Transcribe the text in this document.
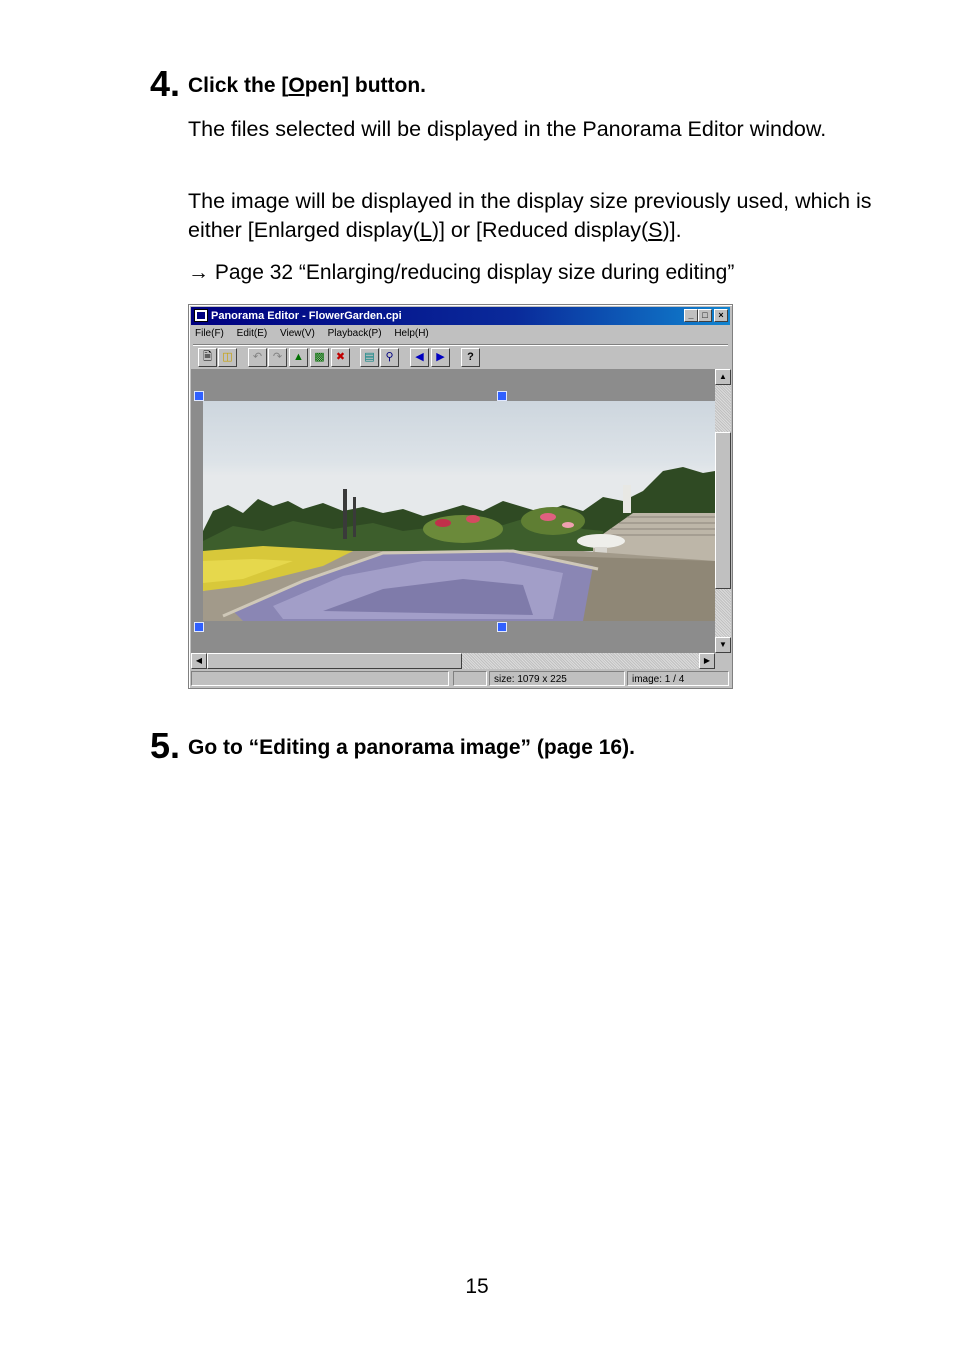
4. Click the [Open] button.
The files selected will be displayed in the Panorama Editor window.
The image will be displayed in the display size previously used, which is either [Enlarged display(L)] or [Reduced display(S)].
→ Page 32 “Enlarging/reducing display size during editing”
Panorama Editor - FlowerGarden.cpi	_ □	×
File(F) Edit(E) View(V) Playback(P) Help(H)
🗎 ◫	↶ ↷ ▲ ▩	✖	▤ ⚲	◀	▶	?
▲
▼
◀	▶
size: 1079 x 225	image: 1 / 4
5. Go to “Editing a panorama image” (page 16).
15
